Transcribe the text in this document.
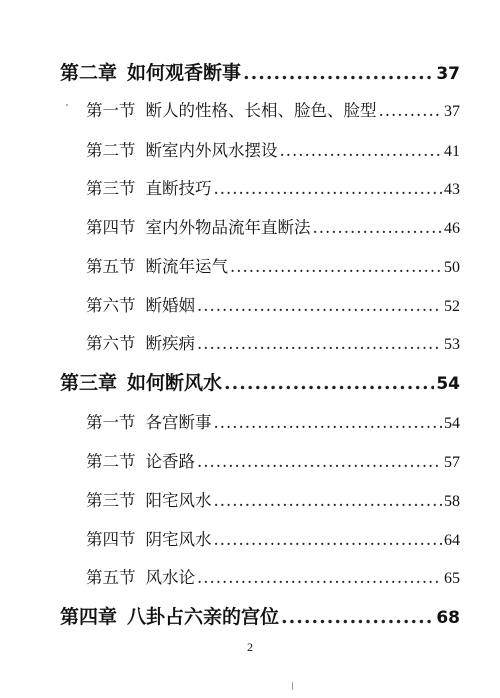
第二章 如何观香断事 .....	37
第一节 断人的性格、长相、脸色、脸型 .....	37
第二节 断室内外风水摆设 .....	41
第三节 直断技巧 .....	43
第四节 室内外物品流年直断法 .....	46
第五节 断流年运气 .....	50
第六节 断婚姻 .....	52
第六节 断疾病 .....	53
第三章 如何断风水 .....	54
第一节 各宫断事 .....	54
第二节 论香路 .....	57
第三节 阳宅风水 .....	58
第四节 阴宅风水 .....	64
第五节 风水论 .....	65
第四章 八卦占六亲的宫位 .....	68
2
